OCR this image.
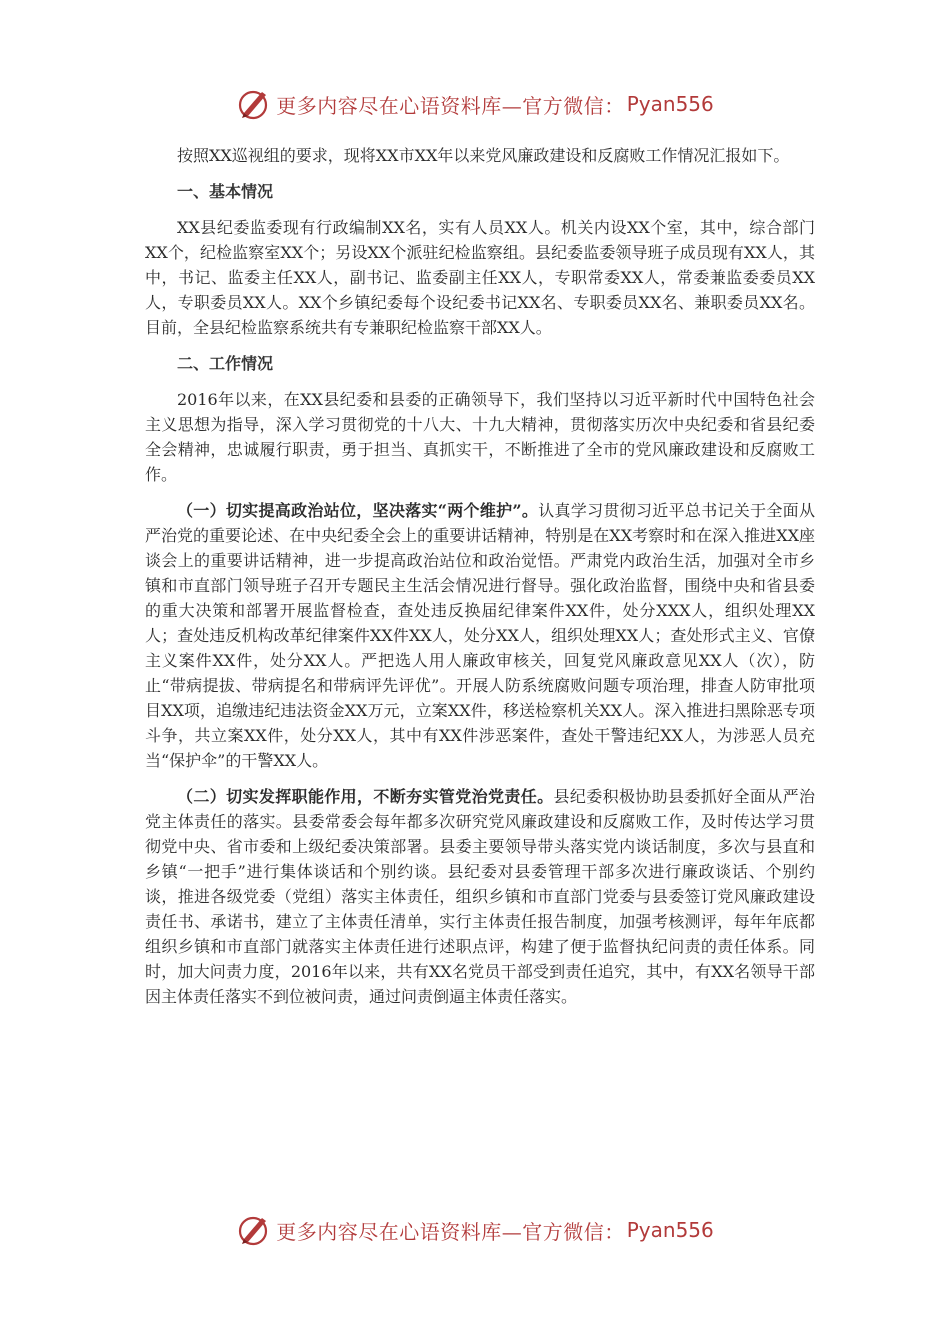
更多内容尽在心语资料库—官方微信： Pyan556

按照XX巡视组的要求，现将XX市XX年以来党风廉政建设和反腐败工作情况汇报如下。

一、基本情况

XX县纪委监委现有行政编制XX名，实有人员XX人。机关内设XX个室，其中，综合部门XX个，纪检监察室XX个；另设XX个派驻纪检监察组。县纪委监委领导班子成员现有XX人，其中，书记、监委主任XX人，副书记、监委副主任XX人，专职常委XX人，常委兼监委委员XX人，专职委员XX人。XX个乡镇纪委每个设纪委书记XX名、专职委员XX名、兼职委员XX名。目前，全县纪检监察系统共有专兼职纪检监察干部XX人。

二、工作情况

2016年以来，在XX县纪委和县委的正确领导下，我们坚持以习近平新时代中国特色社会主义思想为指导，深入学习贯彻党的十八大、十九大精神，贯彻落实历次中央纪委和省县纪委全会精神，忠诚履行职责，勇于担当、真抓实干，不断推进了全市的党风廉政建设和反腐败工作。

（一）切实提高政治站位，坚决落实“两个维护”。认真学习贯彻习近平总书记关于全面从严治党的重要论述、在中央纪委全会上的重要讲话精神，特别是在XX考察时和在深入推进XX座谈会上的重要讲话精神，进一步提高政治站位和政治觉悟。严肃党内政治生活，加强对全市乡镇和市直部门领导班子召开专题民主生活会情况进行督导。强化政治监督，围绕中央和省县委的重大决策和部署开展监督检查，查处违反换届纪律案件XX件，处分XXX人，组织处理XX人；查处违反机构改革纪律案件XX件XX人，处分XX人，组织处理XX人；查处形式主义、官僚主义案件XX件，处分XX人。严把选人用人廉政审核关，回复党风廉政意见XX人（次），防止“带病提拔、带病提名和带病评先评优”。开展人防系统腐败问题专项治理，排查人防审批项目XX项，追缴违纪违法资金XX万元，立案XX件，移送检察机关XX人。深入推进扫黑除恶专项斗争，共立案XX件，处分XX人，其中有XX件涉恶案件，查处干警违纪XX人，为涉恶人员充当“保护伞”的干警XX人。

（二）切实发挥职能作用，不断夯实管党治党责任。县纪委积极协助县委抓好全面从严治党主体责任的落实。县委常委会每年都多次研究党风廉政建设和反腐败工作，及时传达学习贯彻党中央、省市委和上级纪委决策部署。县委主要领导带头落实党内谈话制度，多次与县直和乡镇“一把手”进行集体谈话和个别约谈。县纪委对县委管理干部多次进行廉政谈话、个别约谈，推进各级党委（党组）落实主体责任，组织乡镇和市直部门党委与县委签订党风廉政建设责任书、承诺书，建立了主体责任清单，实行主体责任报告制度，加强考核测评，每年年底都组织乡镇和市直部门就落实主体责任进行述职点评，构建了便于监督执纪问责的责任体系。同时，加大问责力度，2016年以来，共有XX名党员干部受到责任追究，其中，有XX名领导干部因主体责任落实不到位被问责，通过问责倒逼主体责任落实。

更多内容尽在心语资料库—官方微信： Pyan556
